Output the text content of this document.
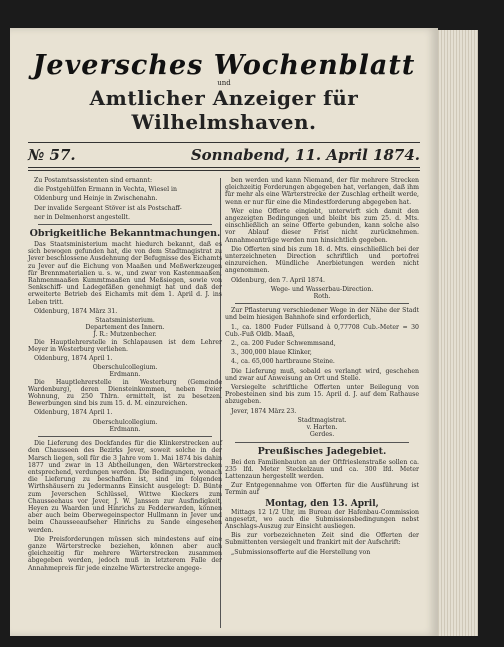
Jeversches Wochenblatt
und
Amtlicher Anzeiger für Wilhelmshaven.
№ 57.	Sonnabend, 11. April 1874.
Zu Postamtsassistenten sind ernannt:
die Postgehülfen Ermann in Vechta, Wiesel in
Oldenburg und Heinje in Zwischenahn.
Der invalide Sergeant Stöver ist als Postschaff-
ner in Delmenhorst angestellt.
Obrigkeitliche Bekanntmachungen.
Das Staatsministerium macht hiedurch bekannt, daß es sich bewogen gefunden hat, die von dem Stadtmagistrat zu Jever beschlossene Ausdehnung der Befugnisse des Eichamts zu Jever auf die Eichung von Maaßen und Meßwerkzeugen für Brennmaterialien u. s. w., und zwar von Kastenmaaßen, Rahmenmaaßen Kummtmaaßen und Meßsiegen, sowie von Senkschiff- und Ladegefäßen genehmigt hat und daß der erweiterte Betrieb des Eichamts mit dem 1. April d. J. ins Leben tritt.
Oldenburg, 1874 März 31.
Staatsministerium.
Departement des Innern.
J. R.: Mutzenbecher.
Die Hauptlehrerstelle in Schlapausen ist dem Lehrer Meyer in Westerburg verliehen.
Oldenburg, 1874 April 1.
Oberschulcollegium.
Erdmann.
Die Hauptlehrerstelle in Westerburg (Gemeinde Wardenburg), deren Diensteinkommen, neben freier Wohnung, zu 250 Thlrn. ermittelt, ist zu besetzen. Bewerbungen sind bis zum 15. d. M. einzureichen.
Oldenburg, 1874 April 1.
Oberschulcollegium.
Erdmann.
Die Lieferung des Dockfandes für die Klinkerstrecken auf den Chausseen des Bezirks Jever, soweit solche in der Marsch liegen, soll für die 3 Jahre vom 1. Mai 1874 bis dahin 1877 und zwar in 13 Abtheilungen, den Wärterstrecken entsprechend, verdungen werden. Die Bedingungen, wonach die Lieferung zu beschaffen ist, sind im folgenden Wirthshäusern zu Jedermanns Einsicht ausgelegt: D. Bünte zum Jeverschen Schlüssel, Wittwe Kieckers zum Chausseehaus vor Jever, J. W. Janssen zur Ausfindigkeit, Heyen zu Waarden und Hinrichs zu Fedderwarden, können aber auch beim Oberwegeinspector Hullmann in Jever und beim Chausseeaufseher Hinrichs zu Sande eingesehen werden.
Die Preisforderungen müssen sich mindestens auf eine ganze Wärterstrecke beziehen, können aber auch gleichzeitig für mehrere Wärterstrecken zusammen abgegeben werden, jedoch muß in letzterem Falle der Annahmepreis für jede einzelne Wärterstrecke angege-
ben werden und kann Niemand, der für mehrere Strecken gleichzeitig Forderungen abgegeben hat, verlangen, daß ihm für mehr als eine Wärterstrecke der Zuschlag ertheilt werde, wenn er nur für eine die Mindestforderung abgegeben hat.
Wer eine Offerte eingiebt, unterwirft sich damit den angezeigten Bedingungen und bleibt bis zum 25. d. Mts. einschließlich an seine Offerte gebunden, kann solche also vor Ablauf dieser Frist nicht zurücknehmen. Annahmeanträge werden nun hinsichtlich gegeben.
Die Offerten sind bis zum 18. d. Mts. einschließlich bei der unterzeichneten Direction schriftlich und portofrei einzureichen. Mündliche Anerbietungen werden nicht angenommen.
Oldenburg, den 7. April 1874.
Wege- und Wasserbau-Direction.
Roth.
Zur Pflasterung verschiedener Wege in der Nähe der Stadt und beim hiesigen Bahnhofe sind erforderlich,
1., ca. 1800 Fuder Füllsand à 0,77708 Cub.-Meter = 30 Cub.-Fuß Oldb. Maaß,
2., ca. 200 Fuder Schwemmsand,
3., 300,000 blaue Klinker,
4., ca. 65,000 hartbraune Steine.
Die Lieferung muß, sobald es verlangt wird, geschehen und zwar auf Anweisung an Ort und Stelle.
Versiegelte schriftliche Offerten unter Beilegung von Probesteinen sind bis zum 15. April d. J. auf dem Rathause abzugeben.
Jever, 1874 März 23.
Stadtmagistrat.
v. Harten.
Gerdes.
Preußisches Jadegebiet.
Bei den Familienbauten an der Oftfrieslenstraße sollen ca. 235 lfd. Meter Steckelzaun und ca. 300 lfd. Meter Lattenzaun hergestellt werden.
Zur Entgegennahme von Offerten für die Ausführung ist Termin auf
Montag, den 13. April,
Mittags 12 1/2 Uhr, im Bureau der Hafenbau-Commission angesetzt, wo auch die Submissionsbedingungen nebst Anschlags-Auszug zur Einsicht ausliegen.
Bis zur vorbezeichneten Zeit sind die Offerten der Submittenten versiegelt und frankirt mit der Aufschrift:
„Submissionsofferte auf die Herstellung von
